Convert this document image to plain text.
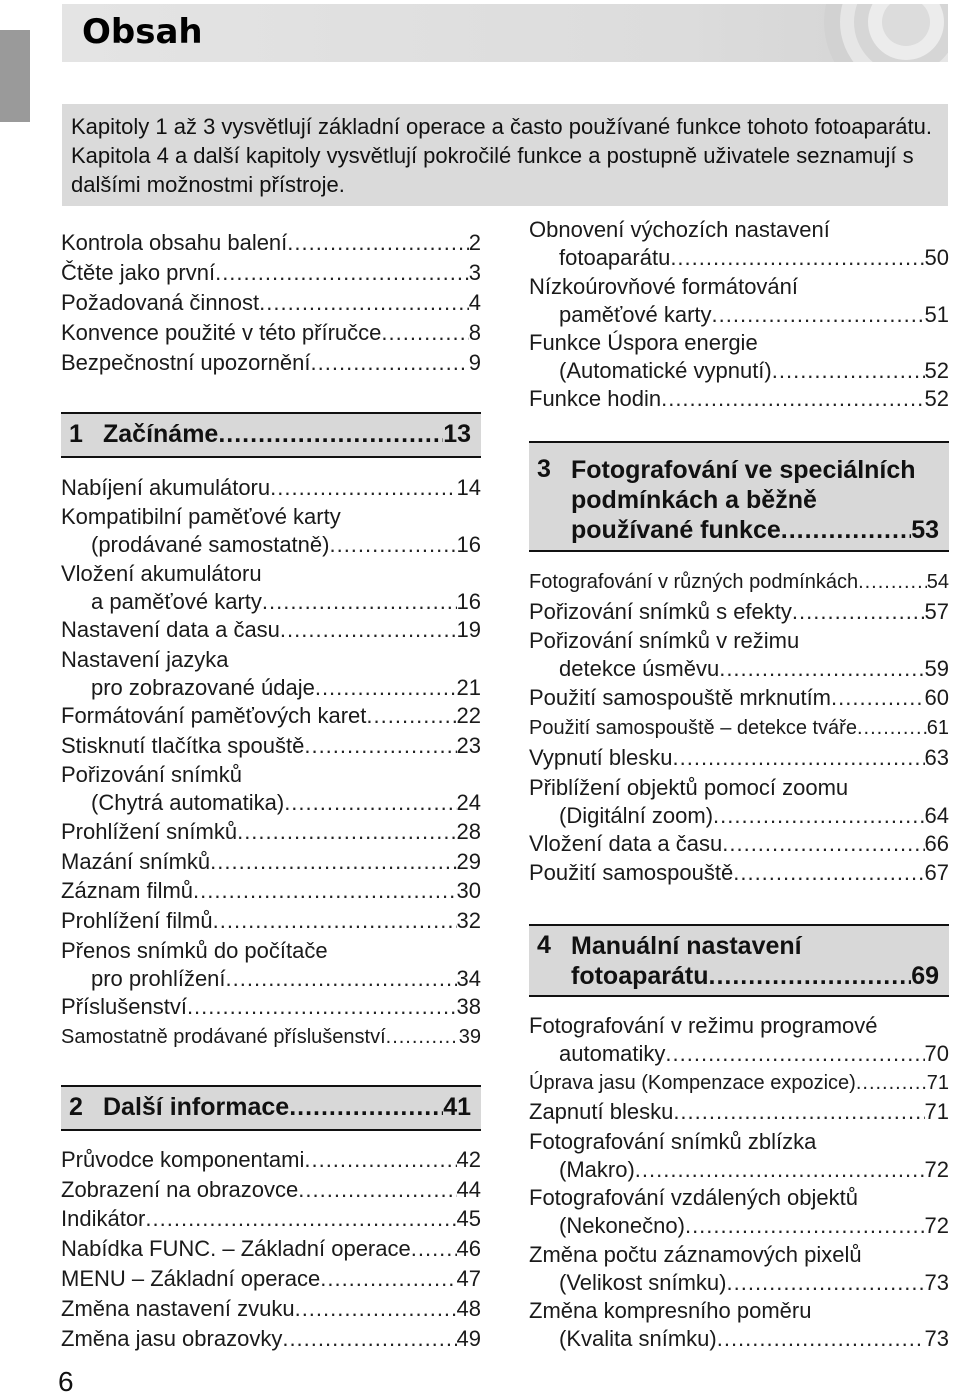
Obsah
Kapitoly 1 až 3 vysvětlují základní operace a často používané funkce tohoto fotoaparátu. Kapitola 4 a další kapitoly vysvětlují pokročilé funkce a postupně uživatele seznamují s dalšími možnostmi přístroje.
Kontrola obsahu balení .....	2
Čtěte jako první .....	3
Požadovaná činnost .....	4
Konvence použité v této příručce .....	8
Bezpečnostní upozornění .....	9
1 Začínáme .....	13
Nabíjení akumulátoru .....	14
Kompatibilní paměťové karty
(prodávané samostatně) .....	16
Vložení akumulátoru
a paměťové karty .....	16
Nastavení data a času .....	19
Nastavení jazyka
pro zobrazované údaje .....	21
Formátování paměťových karet .....	22
Stisknutí tlačítka spouště .....	23
Pořizování snímků
(Chytrá automatika) .....	24
Prohlížení snímků .....	28
Mazání snímků .....	29
Záznam filmů .....	30
Prohlížení filmů .....	32
Přenos snímků do počítače
pro prohlížení .....	34
Příslušenství .....	38
Samostatně prodávané příslušenství .....	39
2 Další informace .....	41
Průvodce komponentami .....	42
Zobrazení na obrazovce .....	44
Indikátor .....	45
Nabídka FUNC. – Základní operace ..... 46
MENU – Základní operace .....	47
Změna nastavení zvuku .....	48
Změna jasu obrazovky .....	49
Obnovení výchozích nastavení
fotoaparátu .....	50
Nízkoúrovňové formátování
paměťové karty .....	51
Funkce Úspora energie
(Automatické vypnutí) .....	52
Funkce hodin .....	52
3 Fotografování ve speciálních
podmínkách a běžně
používané funkce .....	53
Fotografování v různých podmínkách .....	54
Pořizování snímků s efekty .....	57
Pořizování snímků v režimu
detekce úsměvu .....	59
Použití samospouště mrknutím .....	60
Použití samospouště – detekce tváře .....	61
Vypnutí blesku .....	63
Přiblížení objektů pomocí zoomu
(Digitální zoom) .....	64
Vložení data a času .....	66
Použití samospouště .....	67
4 Manuální nastavení
fotoaparátu .....	69
Fotografování v režimu programové
automatiky .....	70
Úprava jasu (Kompenzace expozice) .....	71
Zapnutí blesku .....	71
Fotografování snímků zblízka
(Makro) .....	72
Fotografování vzdálených objektů
(Nekonečno) .....	72
Změna počtu záznamových pixelů
(Velikost snímku) .....	73
Změna kompresního poměru
(Kvalita snímku) .....	73
6
